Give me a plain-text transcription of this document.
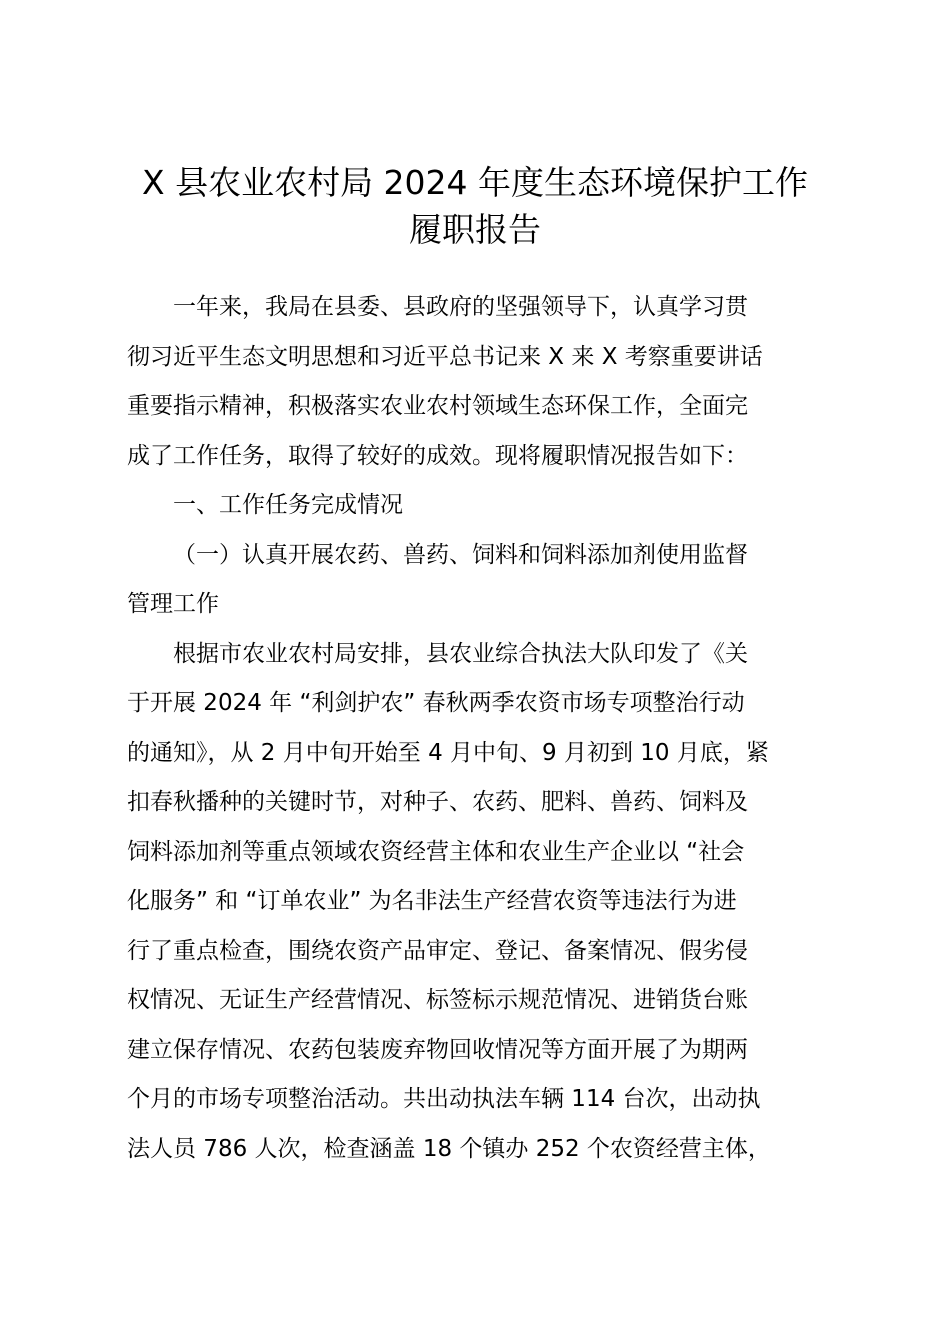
X 县农业农村局 2024 年度生态环境保护工作
履职报告

一年来，我局在县委、县政府的坚强领导下，认真学习贯
彻习近平生态文明思想和习近平总书记来 X 来 X 考察重要讲话
重要指示精神，积极落实农业农村领域生态环保工作，全面完
成了工作任务，取得了较好的成效。现将履职情况报告如下：

一、工作任务完成情况

（一）认真开展农药、兽药、饲料和饲料添加剂使用监督
管理工作

根据市农业农村局安排，县农业综合执法大队印发了《关
于开展 2024 年 “利剑护农” 春秋两季农资市场专项整治行动
的通知》，从 2 月中旬开始至 4 月中旬、9 月初到 10 月底，紧
扣春秋播种的关键时节，对种子、农药、肥料、兽药、饲料及
饲料添加剂等重点领域农资经营主体和农业生产企业以 “社会
化服务” 和 “订单农业” 为名非法生产经营农资等违法行为进
行了重点检查，围绕农资产品审定、登记、备案情况、假劣侵
权情况、无证生产经营情况、标签标示规范情况、进销货台账
建立保存情况、农药包装废弃物回收情况等方面开展了为期两
个月的市场专项整治活动。共出动执法车辆 114 台次，出动执
法人员 786 人次，检查涵盖 18 个镇办 252 个农资经营主体，
